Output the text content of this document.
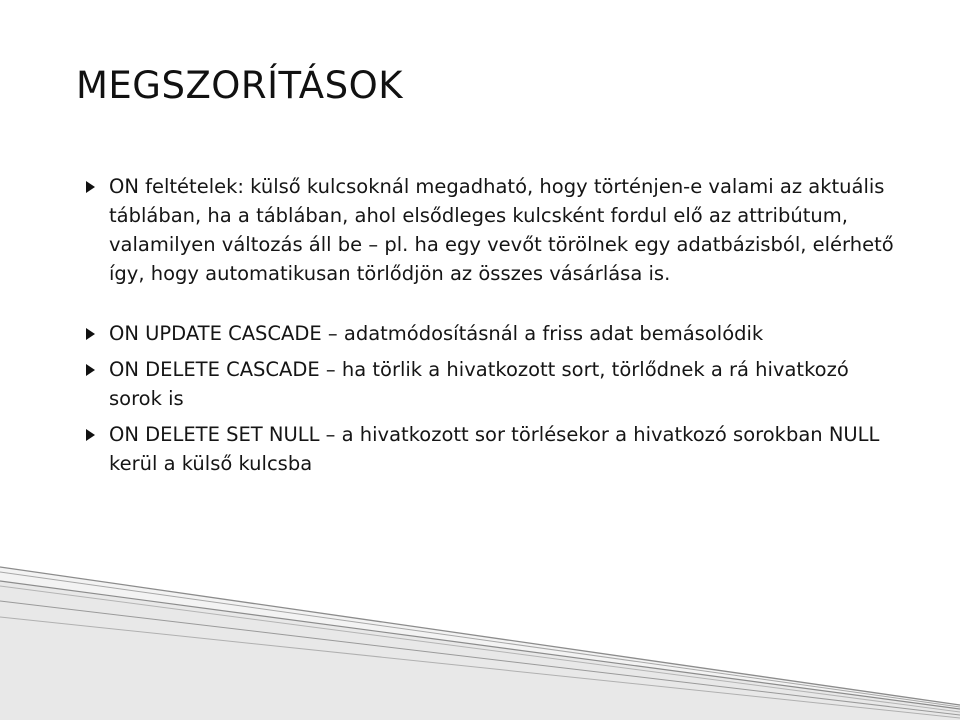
MEGSZORÍTÁSOK
ON feltételek: külső kulcsoknál megadható, hogy történjen-e valami az aktuális táblában, ha a táblában, ahol elsődleges kulcsként fordul elő az attribútum, valamilyen változás áll be – pl. ha egy vevőt törölnek egy adatbázisból, elérhető így, hogy automatikusan törlődjön az összes vásárlása is.
ON UPDATE CASCADE – adatmódosításnál a friss adat bemásolódik
ON DELETE CASCADE – ha törlik a hivatkozott sort, törlődnek a rá hivatkozó sorok is
ON DELETE SET NULL – a hivatkozott sor törlésekor a hivatkozó sorokban NULL kerül a külső kulcsba
